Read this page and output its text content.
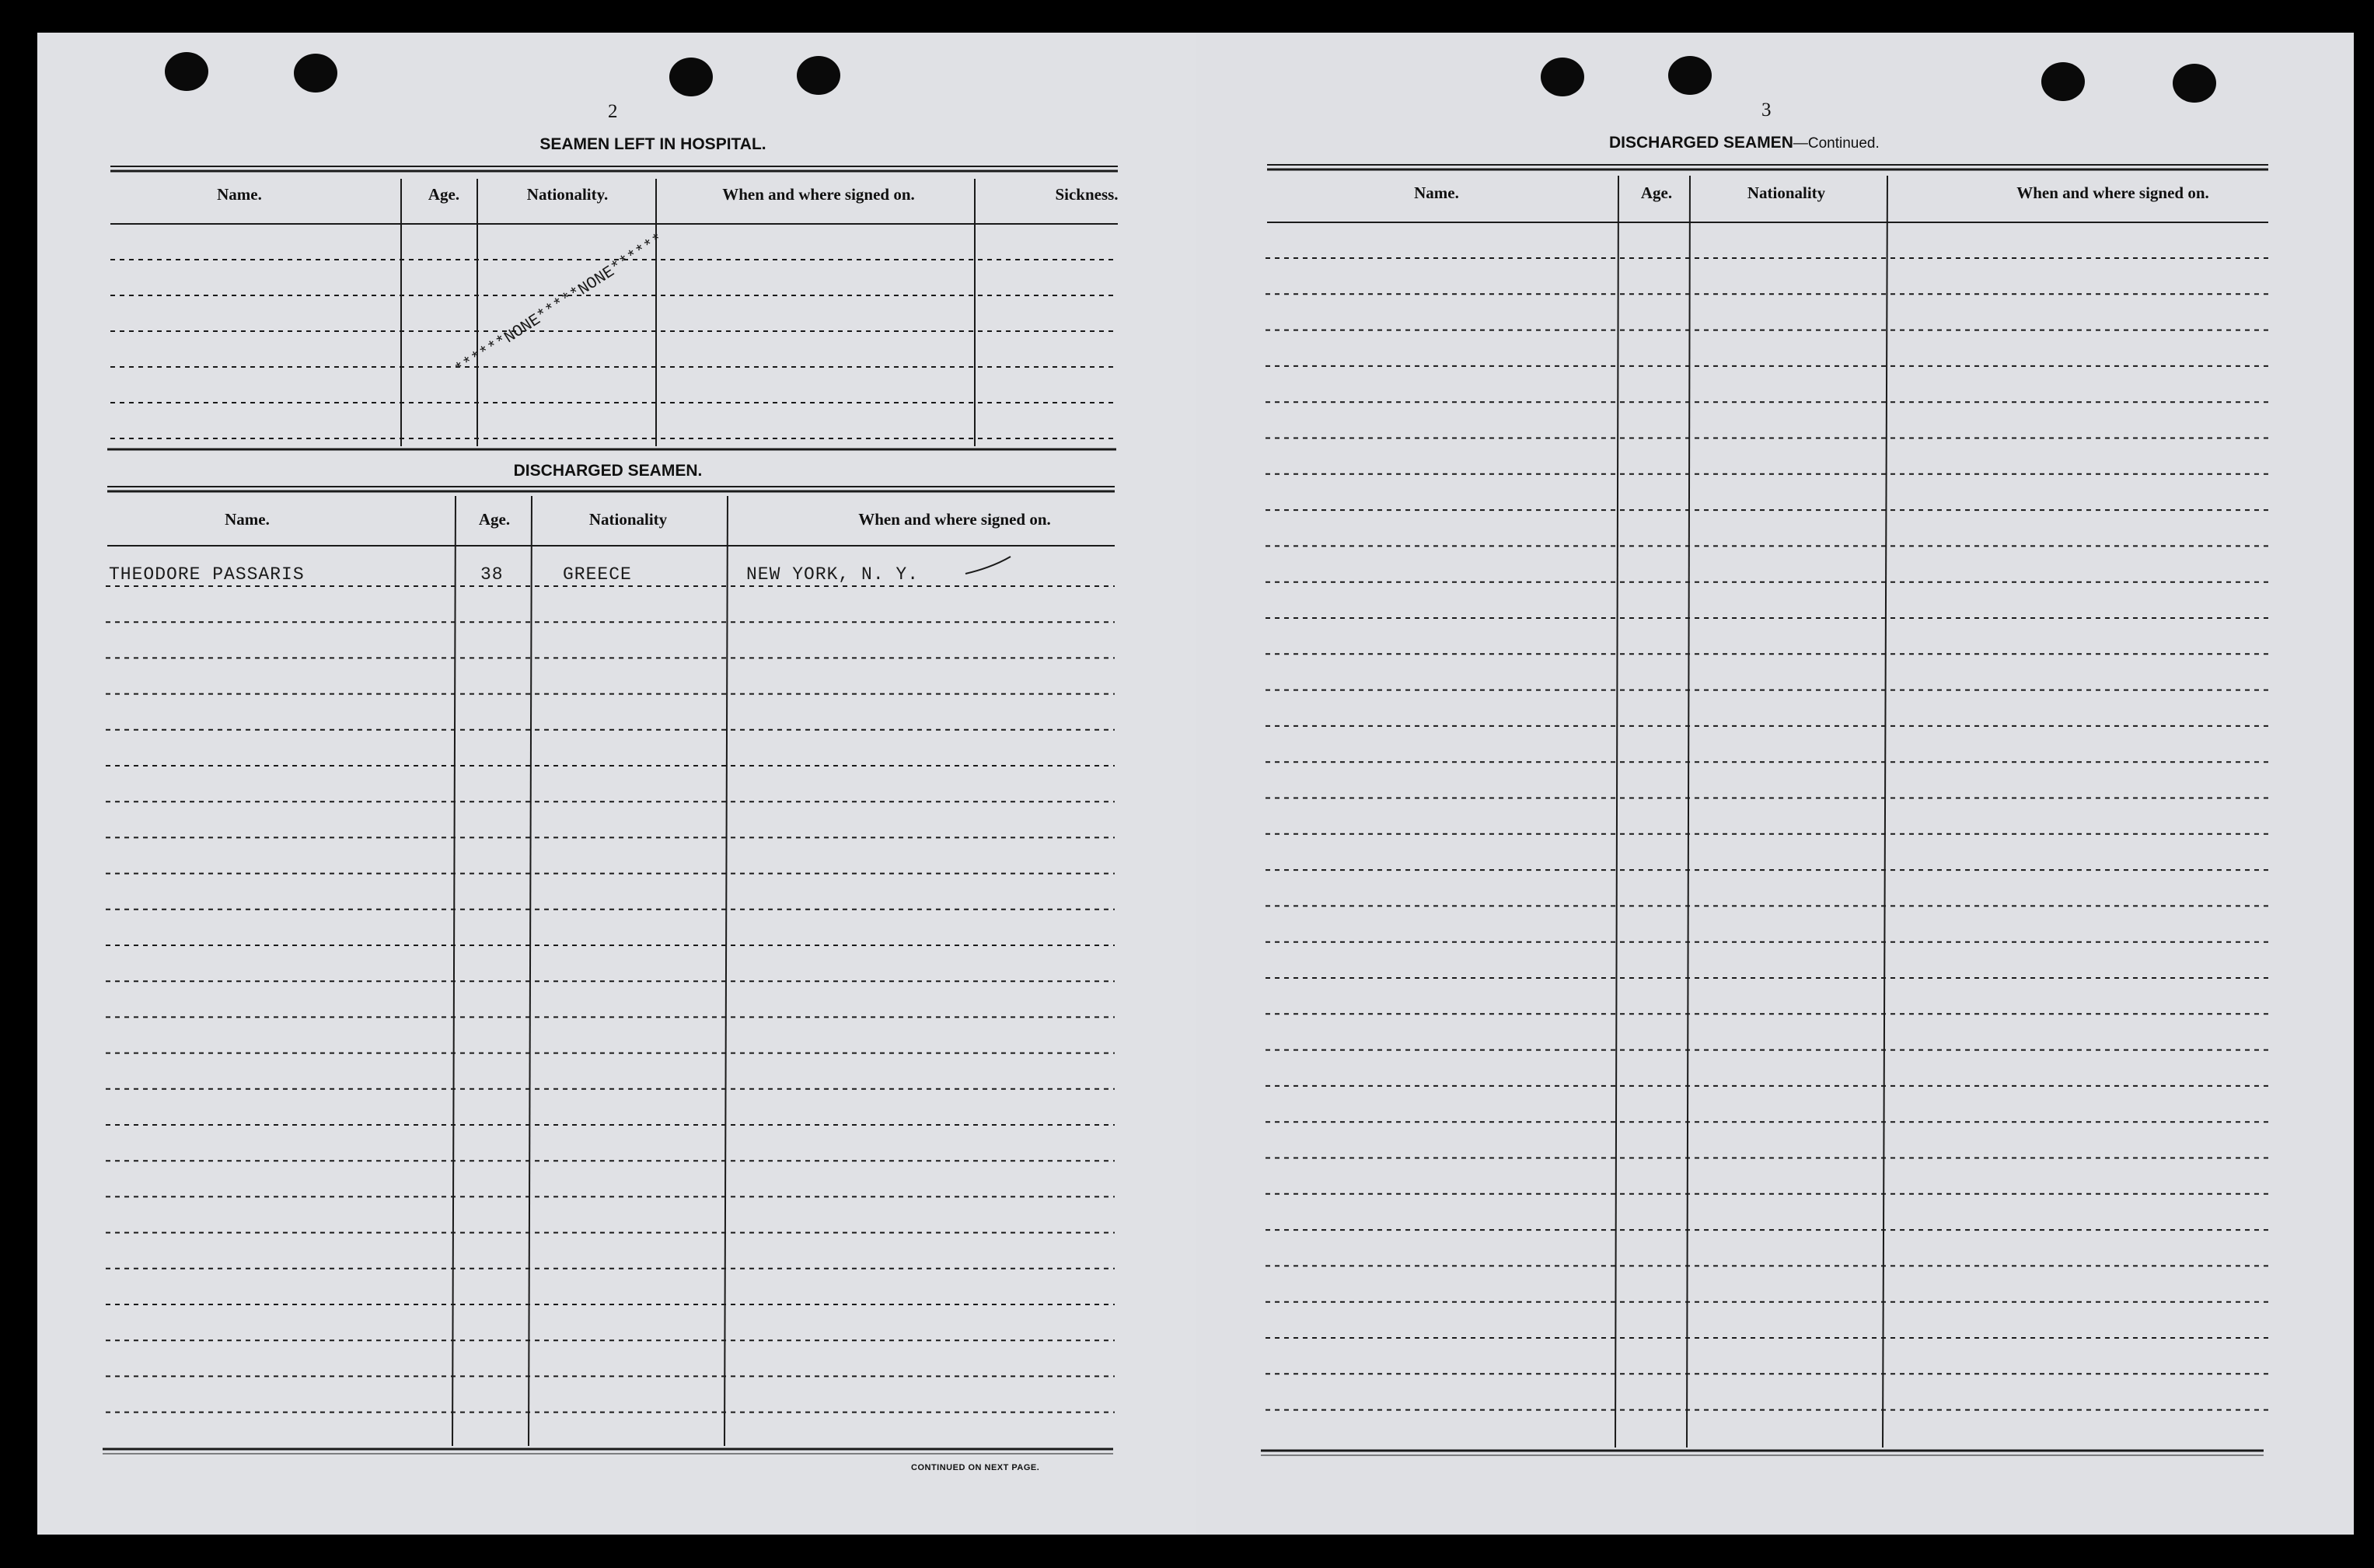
2
SEAMEN LEFT IN HOSPITAL.
Name.	Age.	Nationality.	When and where signed on.	Sickness.
******NONE*****NONE******
DISCHARGED SEAMEN.
Name.	Age.	Nationality	When and where signed on.
THEODORE PASSARIS	38	GREECE	NEW YORK, N. Y.
CONTINUED ON NEXT PAGE.
3
DISCHARGED SEAMEN—Continued.
Name.	Age.	Nationality	When and where signed on.
